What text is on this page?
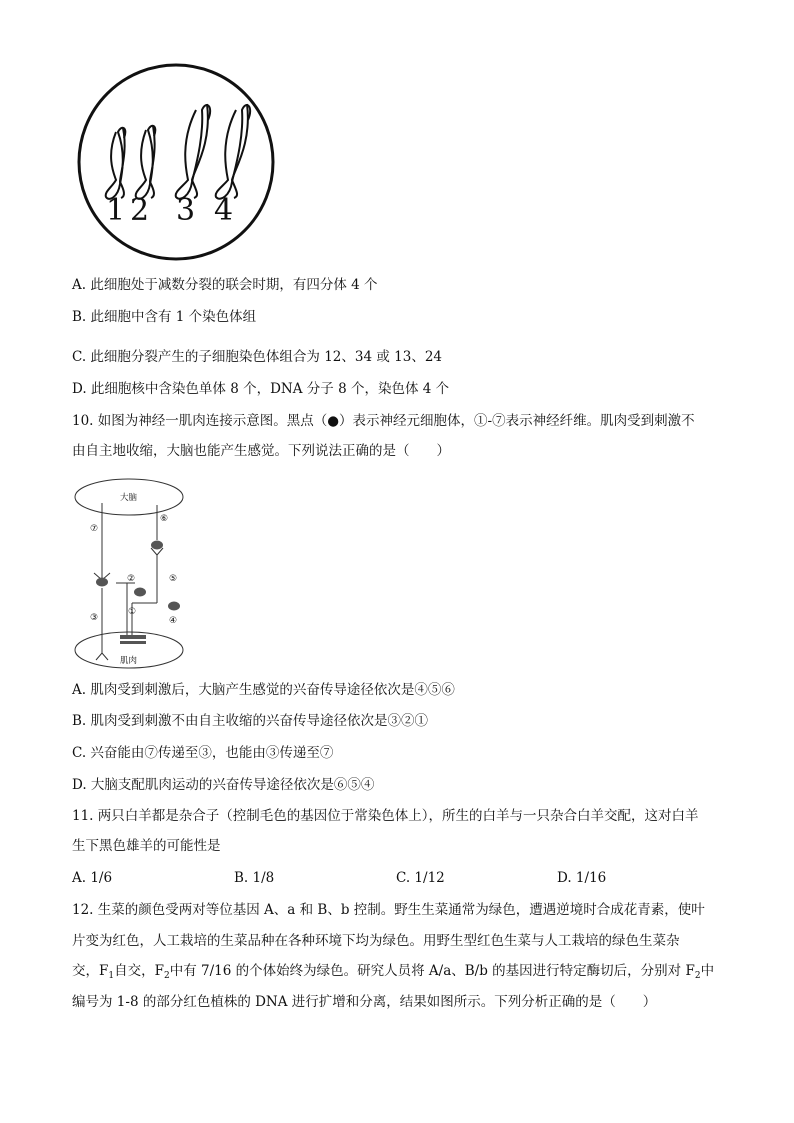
1 2 3 4
A. 此细胞处于减数分裂的联会时期，有四分体 4 个
B. 此细胞中含有 1 个染色体组
C. 此细胞分裂产生的子细胞染色体组合为 12、34 或 13、24
D. 此细胞核中含染色单体 8 个，DNA 分子 8 个，染色体 4 个
10. 如图为神经一肌肉连接示意图。黑点（●）表示神经元细胞体，①-⑦表示神经纤维。肌肉受到刺激不
由自主地收缩，大脑也能产生感觉。下列说法正确的是（　　）
大脑
肌肉
⑦
⑥
⑤
②
①
③	④
A. 肌肉受到刺激后，大脑产生感觉的兴奋传导途径依次是④⑤⑥
B. 肌肉受到刺激不由自主收缩的兴奋传导途径依次是③②①
C. 兴奋能由⑦传递至③，也能由③传递至⑦
D. 大脑支配肌肉运动的兴奋传导途径依次是⑥⑤④
11. 两只白羊都是杂合子（控制毛色的基因位于常染色体上），所生的白羊与一只杂合白羊交配，这对白羊
生下黑色雄羊的可能性是
A. 1/6	B. 1/8	C. 1/12	D. 1/16
12. 生菜的颜色受两对等位基因 A、a 和 B、b 控制。野生生菜通常为绿色，遭遇逆境时合成花青素，使叶
片变为红色，人工栽培的生菜品种在各种环境下均为绿色。用野生型红色生菜与人工栽培的绿色生菜杂
交，$F_1$自交，$F_2$中有 7/16 的个体始终为绿色。研究人员将 A/a、B/b 的基因进行特定酶切后，分别对 $F_2$中
编号为 1-8 的部分红色植株的 DNA 进行扩增和分离，结果如图所示。下列分析正确的是（　　）
